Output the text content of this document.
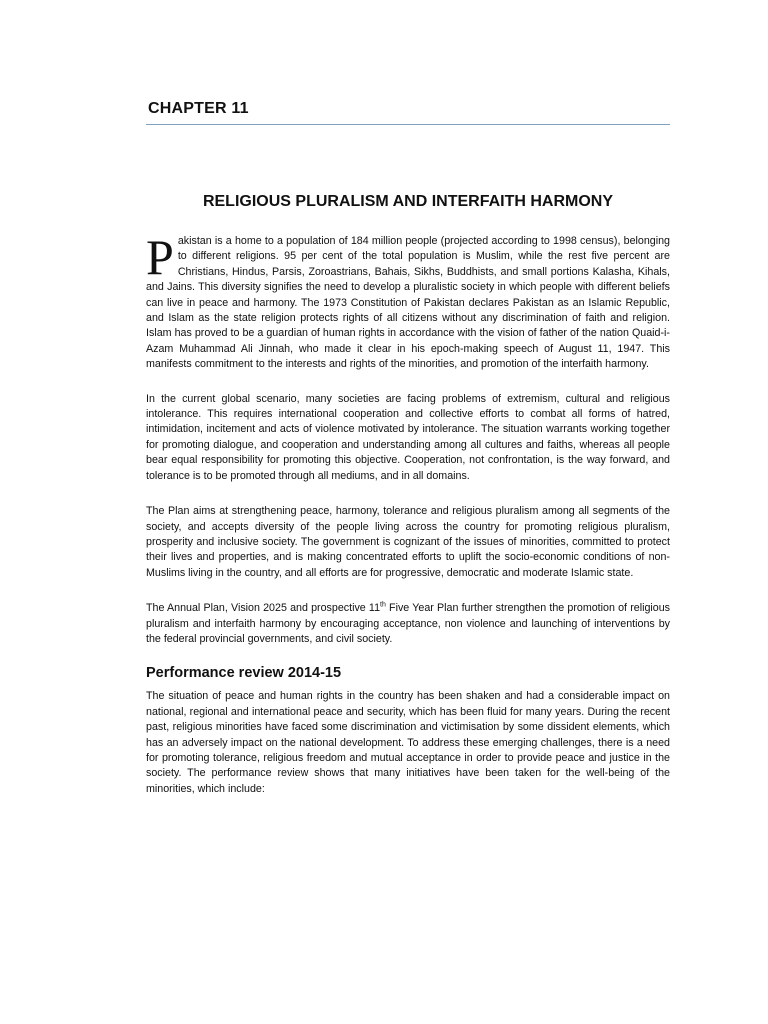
CHAPTER 11
RELIGIOUS PLURALISM AND INTERFAITH HARMONY

Pakistan is a home to a population of 184 million people (projected according to 1998 census), belonging to different religions. 95 per cent of the total population is Muslim, while the rest five percent are Christians, Hindus, Parsis, Zoroastrians, Bahais, Sikhs, Buddhists, and small portions Kalasha, Kihals, and Jains. This diversity signifies the need to develop a pluralistic society in which people with different beliefs can live in peace and harmony. The 1973 Constitution of Pakistan declares Pakistan as an Islamic Republic, and Islam as the state religion protects rights of all citizens without any discrimination of faith and religion. Islam has proved to be a guardian of human rights in accordance with the vision of father of the nation Quaid-i-Azam Muhammad Ali Jinnah, who made it clear in his epoch-making speech of August 11, 1947. This manifests commitment to the interests and rights of the minorities, and promotion of the interfaith harmony.

In the current global scenario, many societies are facing problems of extremism, cultural and religious intolerance. This requires international cooperation and collective efforts to combat all forms of hatred, intimidation, incitement and acts of violence motivated by intolerance. The situation warrants working together for promoting dialogue, and cooperation and understanding among all cultures and faiths, whereas all people bear equal responsibility for promoting this objective. Cooperation, not confrontation, is the way forward, and tolerance is to be promoted through all mediums, and in all domains.

The Plan aims at strengthening peace, harmony, tolerance and religious pluralism among all segments of the society, and accepts diversity of the people living across the country for promoting religious pluralism, prosperity and inclusive society. The government is cognizant of the issues of minorities, committed to protect their lives and properties, and is making concentrated efforts to uplift the socio-economic conditions of non-Muslims living in the country, and all efforts are for progressive, democratic and moderate Islamic state.

The Annual Plan, Vision 2025 and prospective 11th Five Year Plan further strengthen the promotion of religious pluralism and interfaith harmony by encouraging acceptance, non violence and launching of interventions by the federal provincial governments, and civil society.

Performance review 2014-15

The situation of peace and human rights in the country has been shaken and had a considerable impact on national, regional and international peace and security, which has been fluid for many years. During the recent past, religious minorities have faced some discrimination and victimisation by some dissident elements, which has an adversely impact on the national development. To address these emerging challenges, there is a need for promoting tolerance, religious freedom and mutual acceptance in order to provide peace and justice in the society. The performance review shows that many initiatives have been taken for the well-being of the minorities, which include:
